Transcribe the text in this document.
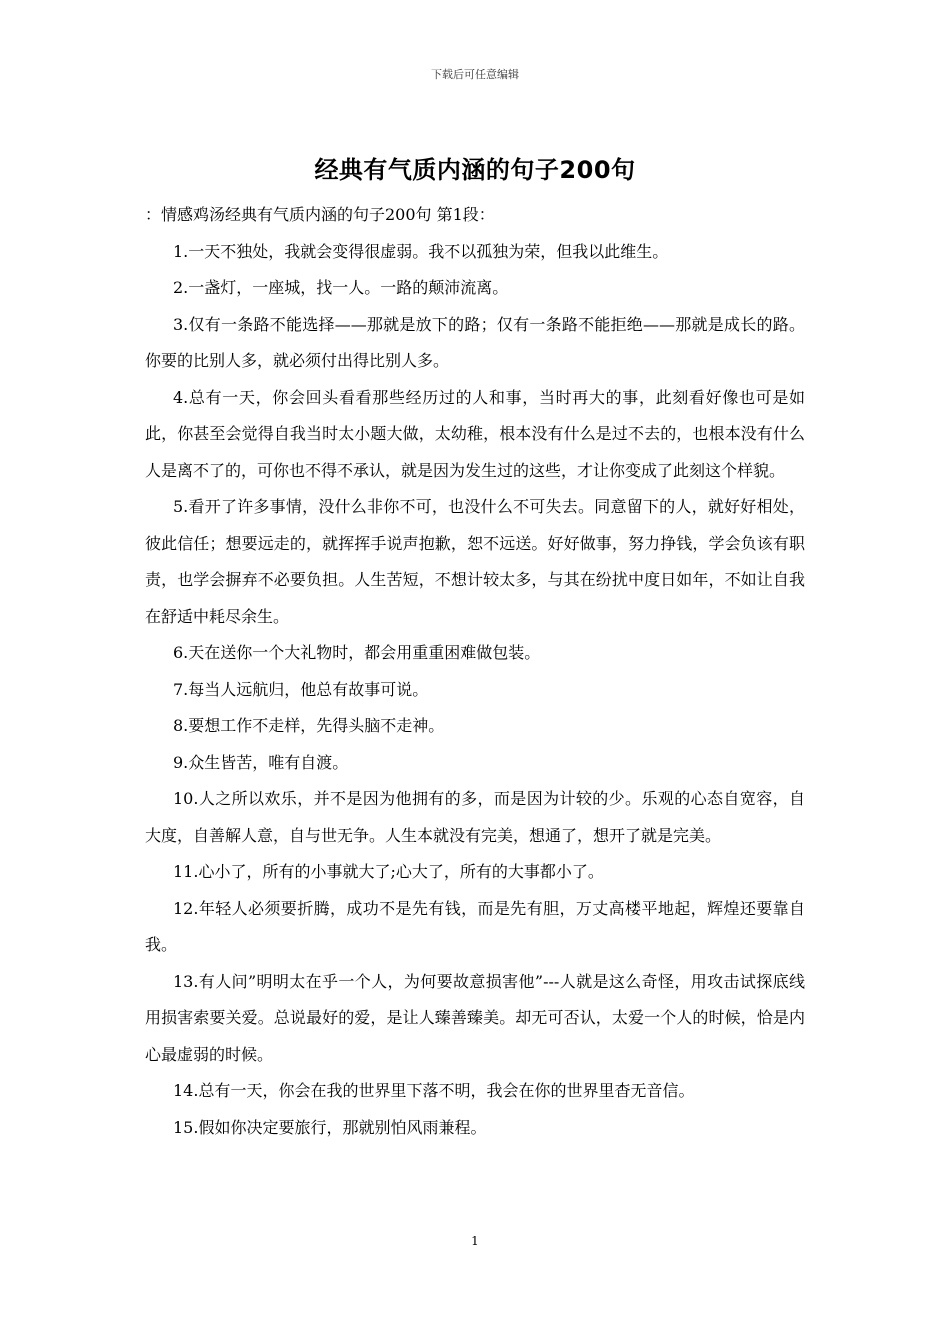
下载后可任意编辑
经典有气质内涵的句子200句

：情感鸡汤经典有气质内涵的句子200句 第1段：

1.一天不独处，我就会变得很虚弱。我不以孤独为荣，但我以此维生。

2.一盏灯，一座城，找一人。一路的颠沛流离。

3.仅有一条路不能选择——那就是放下的路；仅有一条路不能拒绝——那就是成长的路。你要的比别人多，就必须付出得比别人多。

4.总有一天，你会回头看看那些经历过的人和事，当时再大的事，此刻看好像也可是如此，你甚至会觉得自我当时太小题大做，太幼稚，根本没有什么是过不去的，也根本没有什么人是离不了的，可你也不得不承认，就是因为发生过的这些，才让你变成了此刻这个样貌。

5.看开了许多事情，没什么非你不可，也没什么不可失去。同意留下的人，就好好相处，彼此信任；想要远走的，就挥挥手说声抱歉，恕不远送。好好做事，努力挣钱，学会负该有职责，也学会摒弃不必要负担。人生苦短，不想计较太多，与其在纷扰中度日如年，不如让自我在舒适中耗尽余生。

6.天在送你一个大礼物时，都会用重重困难做包装。

7.每当人远航归，他总有故事可说。

8.要想工作不走样，先得头脑不走神。

9.众生皆苦，唯有自渡。

10.人之所以欢乐，并不是因为他拥有的多，而是因为计较的少。乐观的心态自宽容，自大度，自善解人意，自与世无争。人生本就没有完美，想通了，想开了就是完美。

11.心小了，所有的小事就大了;心大了，所有的大事都小了。

12.年轻人必须要折腾，成功不是先有钱，而是先有胆，万丈高楼平地起，辉煌还要靠自我。

13.有人问”明明太在乎一个人，为何要故意损害他”---人就是这么奇怪，用攻击试探底线用损害索要关爱。总说最好的爱，是让人臻善臻美。却无可否认，太爱一个人的时候，恰是内心最虚弱的时候。

14.总有一天，你会在我的世界里下落不明，我会在你的世界里杳无音信。

15.假如你决定要旅行，那就别怕风雨兼程。

1
